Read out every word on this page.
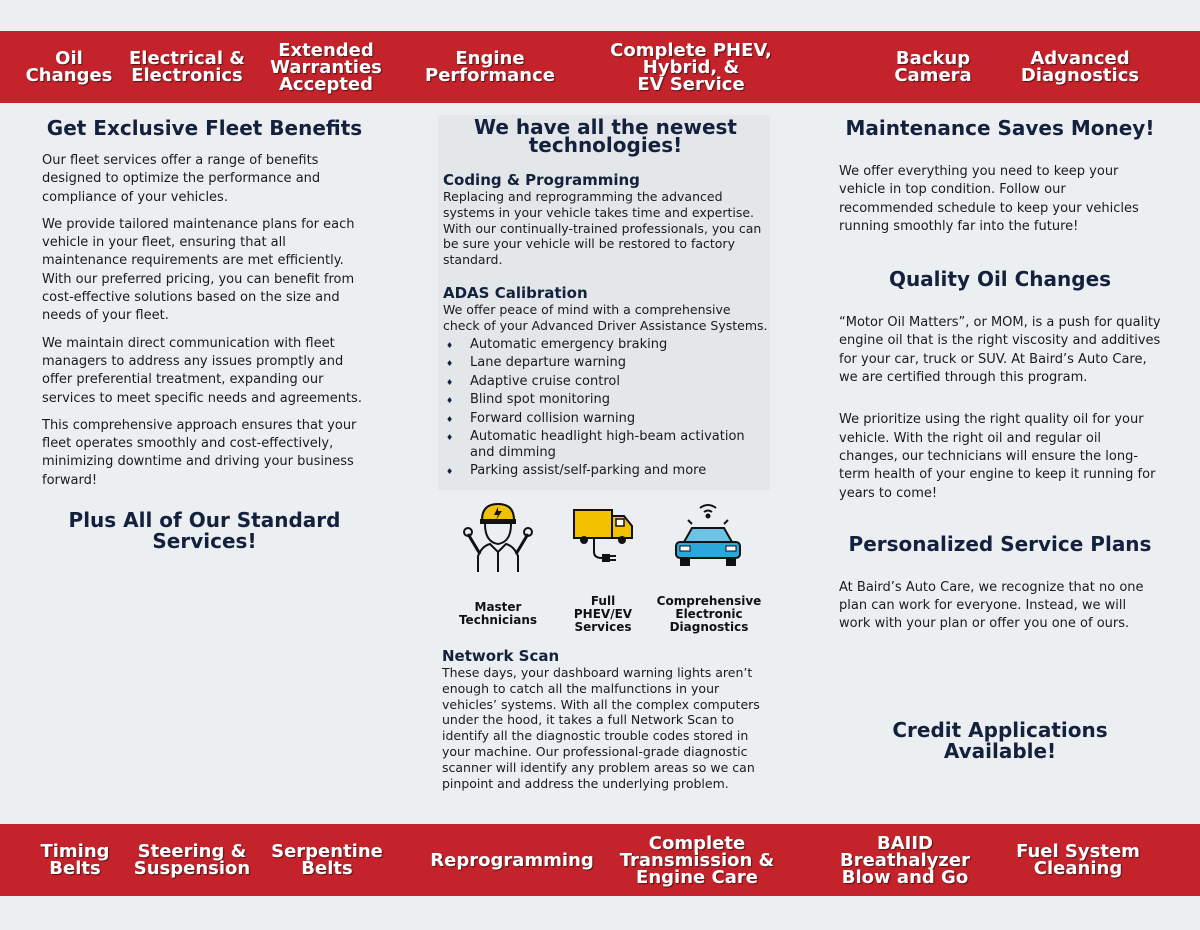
Oil
Changes
Electrical &
Electronics
Extended
Warranties
Accepted
Engine
Performance
Complete PHEV,
Hybrid, &
EV Service
Backup
Camera
Advanced
Diagnostics
Get Exclusive Fleet Benefits

Our fleet services offer a range of benefits designed to optimize the performance and compliance of your vehicles.

We provide tailored maintenance plans for each vehicle in your fleet, ensuring that all maintenance requirements are met efficiently. With our preferred pricing, you can benefit from cost-effective solutions based on the size and needs of your fleet.

We maintain direct communication with fleet managers to address any issues promptly and offer preferential treatment, expanding our services to meet specific needs and agreements.

This comprehensive approach ensures that your fleet operates smoothly and cost-effectively, minimizing downtime and driving your business forward!

Plus All of Our Standard Services!
We have all the newest technologies!
Coding & Programming

Replacing and reprogramming the advanced systems in your vehicle takes time and expertise. With our continually-trained professionals, you can be sure your vehicle will be restored to factory standard.

ADAS Calibration

We offer peace of mind with a comprehensive check of your Advanced Driver Assistance Systems.

♦ Automatic emergency braking
♦ Lane departure warning
♦ Adaptive cruise control
♦ Blind spot monitoring
♦ Forward collision warning
♦ Automatic headlight high-beam activation and dimming
♦ Parking assist/self-parking and more
Master
Technicians
Full
PHEV/EV
Services
Comprehensive
Electronic
Diagnostics
Network Scan

These days, your dashboard warning lights aren’t enough to catch all the malfunctions in your vehicles’ systems. With all the complex computers under the hood, it takes a full Network Scan to identify all the diagnostic trouble codes stored in your machine. Our professional-grade diagnostic scanner will identify any problem areas so we can pinpoint and address the underlying problem.

Maintenance Saves Money!

We offer everything you need to keep your vehicle in top condition. Follow our recommended schedule to keep your vehicles running smoothly far into the future!

Quality Oil Changes

“Motor Oil Matters”, or MOM, is a push for quality engine oil that is the right viscosity and additives for your car, truck or SUV. At Baird’s Auto Care, we are certified through this program.

We prioritize using the right quality oil for your vehicle. With the right oil and regular oil changes, our technicians will ensure the long-term health of your engine to keep it running for years to come!

Personalized Service Plans

At Baird’s Auto Care, we recognize that no one plan can work for everyone. Instead, we will work with your plan or offer you one of ours.

Credit Applications Available!
Timing
Belts
Steering &
Suspension
Serpentine
Belts	Reprogramming
Complete
Transmission &
Engine Care
BAIID
Breathalyzer
Blow and Go
Fuel System
Cleaning
